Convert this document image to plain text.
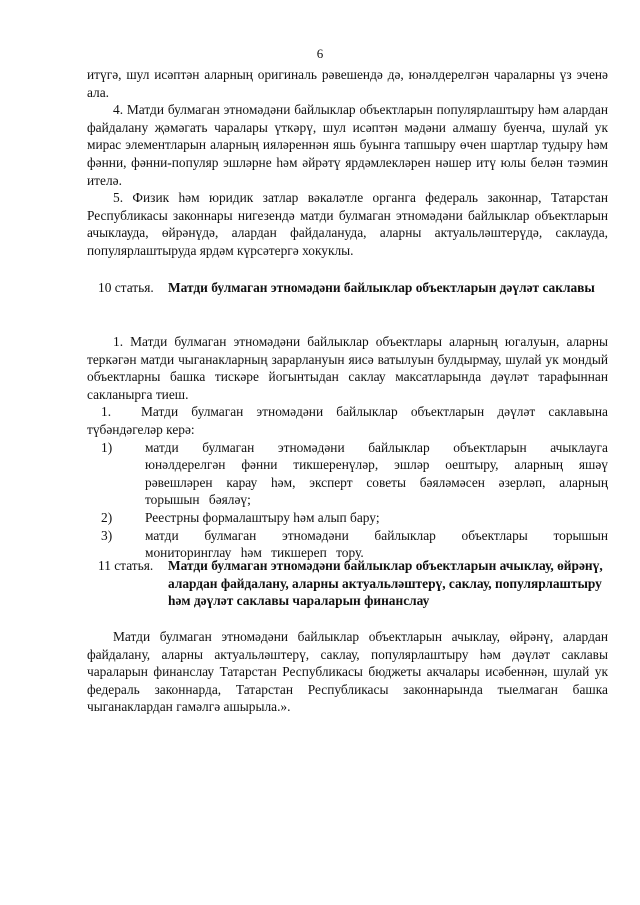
6

итүгә, шул исәптән аларның оригиналь рәвешендә дә, юнәлдерелгән чараларны үз эченә ала.

4. Матди булмаган этномәдәни байлыклар объектларын популярлаштыру һәм алардан файдалану җәмәгать чаралары үткәрү, шул исәптән мәдәни алмашу буенча, шулай ук мирас элементларын аларның ияләреннән яшь буынга тапшыру өчен шартлар тудыру һәм фәнни, фәнни-популяр эшләрне һәм әйрәтү ярдәмлекләрен нәшер итү юлы белән тәэмин ителә.

5. Физик һәм юридик затлар вәкаләтле органга федераль законнар, Татарстан Республикасы законнары нигезендә матди булмаган этномәдәни байлыклар объектларын ачыклауда, өйрәнүдә, алардан файдалануда, аларны актуальләштерүдә, саклауда, популярлаштыруда ярдәм күрсәтергә хокуклы.

10 статья.	Матди булмаган этномәдәни байлыклар объектларын дәүләт саклавы

1. Матди булмаган этномәдәни байлыклар объектлары аларның югалуын, аларны теркәгән матди чыганакларның зарарлануын яисә ватылуын булдырмау, шулай ук мондый объектларны башка тискәре йогынтыдан саклау максатларында дәүләт тарафыннан сакланырга тиеш.

1. Матди булмаган этномәдәни байлыклар объектларын дәүләт саклавына түбәндәгеләр керә:
1)	матди булмаган этномәдәни байлыклар объектларын ачыклауга юнәлдерелгән фәнни тикшеренүләр, эшләр оештыру, аларның яшәү рәвешләрен карау һәм, эксперт советы бәяләмәсен әзерләп, аларның торышын бәяләү;
2)	Реестрны формалаштыру һәм алып бару;
3)	матди булмаган этномәдәни байлыклар объектлары торышын мониторинглау һәм тикшереп тору.
11 статья.	Матди булмаган этномәдәни байлыклар объектларын ачыклау, өйрәнү, алардан файдалану, аларны актуальләштерү, саклау, популярлаштыру һәм дәүләт саклавы чараларын финанслау

Матди булмаган этномәдәни байлыклар объектларын ачыклау, өйрәнү, алардан файдалану, аларны актуальләштерү, саклау, популярлаштыру һәм дәүләт саклавы чараларын финанслау Татарстан Республикасы бюджеты акчалары исәбеннән, шулай ук федераль законнарда, Татарстан Республикасы законнарында тыелмаган башка чыганаклардан гамәлгә ашырыла.».
